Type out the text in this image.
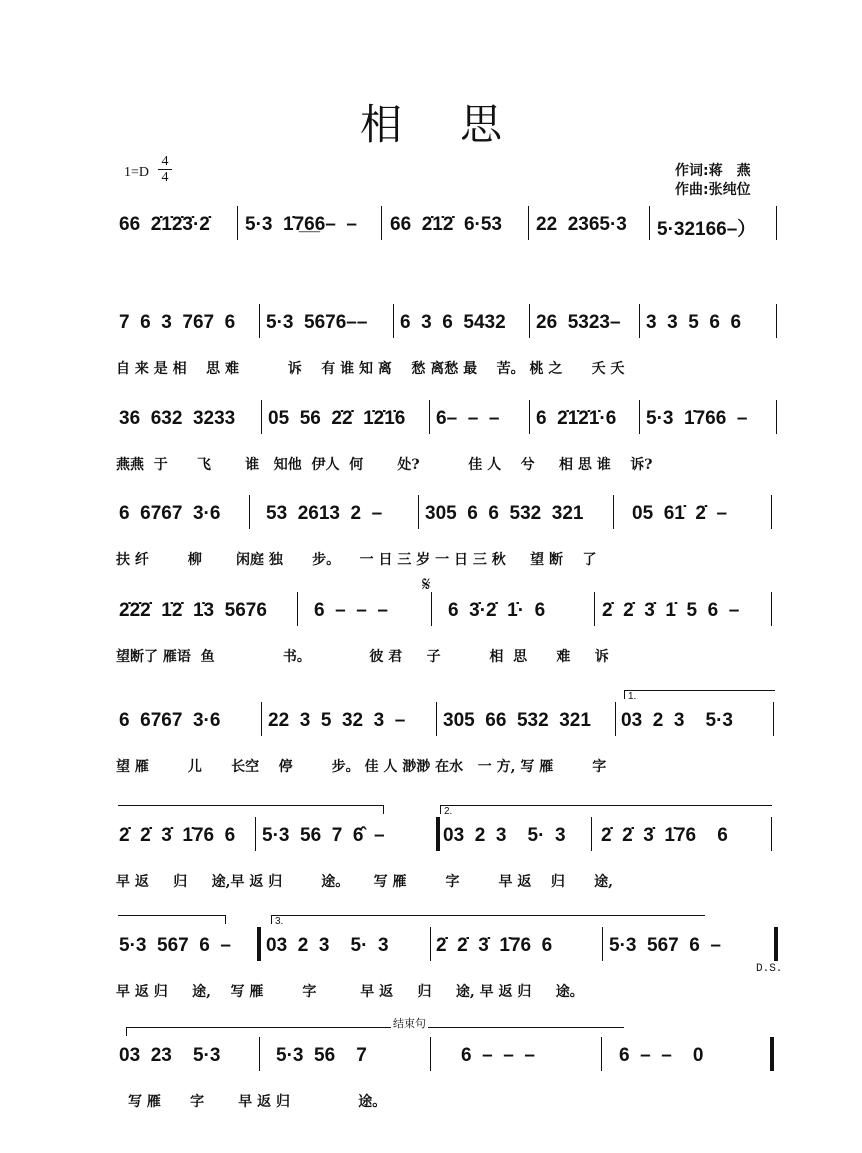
相思
1=D
4
4	作词:蒋　燕
作曲:张纯位
66  2̇1̇2̇3̇·2̇ 5·3  1̇7̲6̲6–  – 66  2̇1̇2̇  6·53 22  2365·3 5·32166–）
7  6  3  767  6 5·3  5676–– 6  3  6  5432 26  5323– 3  3  5  6  6
自 来 是 相    思 难          诉    有 谁 知 离    愁 离愁 最    苦。 桃 之      夭 夭
36  632  3233 05  56  2̇2̇  1̇2̇1̇6 6–  –  – 6  2̇1̇2̇1̇·6 5·3  1̇766  –
燕燕  于      飞       谁   知他  伊人  何       处?          佳 人    兮     相 思 谁    诉?
6  6767  3·6 53  2613  2  – 305  6  6  532  321	05  61̇  2̇  –
扶 纤        柳       闲庭 独      步。    一 日 三 岁 一 日 三 秋     望 断    了
2̇2̇2̇  1̇2̇  1̇3  5676 6  –  –  –	6  3̇·2̇  1̇·  6	2̇  2̇  3̇  1̇  5  6  –
𝄋
望断了 雁语  鱼              书。            彼 君     子          相  思      难     诉
1.
6  6767  3·6	22  3  5  32  3  – 305  66  532  321 03  2  3    5·3
望 雁        儿      长空    停        步。 佳 人 渺渺 在水   一 方, 写 雁        字
2.
2̇  2̇  3̇  1̇76  6 5·3  56  7  6̂  –	03  2  3    5·  3 2̇  2̇  3̇  1̇76    6
早 返     归     途,早 返 归        途。     写 雁        字        早 返    归      途,
3.
5·3  567  6  – 03  2  3    5·  3 2̇  2̇  3̇  1̇76  6	5·3  567  6  –
D.S.
早 返 归     途,    写 雁        字         早 返     归     途, 早 返 归     途。
结束句
03  23    5·3	5·3  56    7	6  –  –  –	6  –  –    0
写 雁      字       早 返 归              途。
